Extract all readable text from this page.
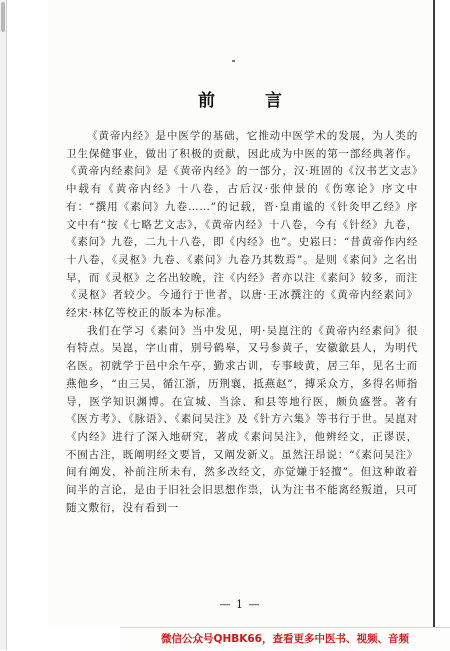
前 言

《黄帝内经》是中医学的基础，它推动中医学术的发展，为人类的卫生保健事业，做出了积极的贡献，因此成为中医的第一部经典著作。《黄帝内经素问》是《黄帝内经》的一部分，汉·班固的《汉书艺文志》中载有《黄帝内经》十八卷，古后汉·张仲景的《伤寒论》序文中有：“撰用《素问》九卷……”的记载，晋·皇甫谧的《针灸甲乙经》序文中有“按《七略艺文志》，《黄帝内经》十八卷，今有《针经》九卷，《素问》九卷，二九十八卷，即《内经》也”。史崧曰：“昔黄帝作内经十八卷，《灵枢》九卷、《素问》九卷乃其数焉”。是则《素问》之名出早，而《灵枢》之名出较晚，注《内经》者亦以注《素问》较多，而注《灵枢》者较少。今通行于世者，以唐·王冰撰注的《黄帝内经素问》经宋·林亿等校正的版本为标准。

我们在学习《素问》当中发见，明·吴崑注的《黄帝内经素问》很有特点。吴崑，字山甫，别号鹤皋，又号参黄子，安徽歙县人，为明代名医。初就学于邑中余午亭，勤求古训，专事岐黄，居三年，见名士而燕他乡，“由三吴，循江浙，历荆襄，抵燕赵”，搏采众方，多得名师指导，医学知识渊博。在宣城、当涂、和县等地行医，颇负盛誉。著有《医方考》、《脉语》、《素问吴注》及《针方六集》等书行于世。吴崑对《内经》进行了深入地研究，著成《素问吴注》，他辨经文，正谬误，不囿古注，既阐明经文要旨，又阐发新义。虽然汪昂说：“《素问吴注》间有阐发，补前注所未有，然多改经文，亦觉嫌于轻擅”。但这种敢着间半的言论，是由于旧社会旧思想作祟，认为注书不能离经叛道，只可随文敷衍，没有看到一

— 1 —
微信公众号QHBK66，查看更多中医书、视频、音频
